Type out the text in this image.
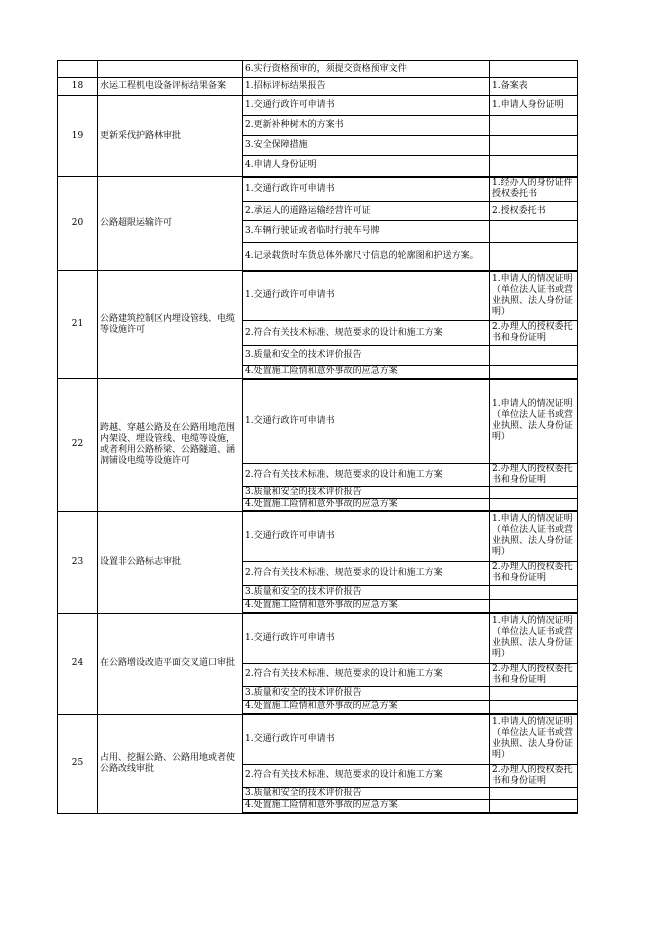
		6.实行资格预审的，须提交资格预审文件	
18	水运工程机电设备评标结果备案	1.招标评标结果报告	1.备案表
19	更新采伐护路林审批	1.交通行政许可申请书	1.申请人身份证明
		2.更新补种树木的方案书	
		3.安全保障措施	
		4.申请人身份证明	
20	公路超限运输许可	1.交通行政许可申请书	1.经办人的身份证件授权委托书
		2.承运人的道路运输经营许可证	2.授权委托书
		3.车辆行驶证或者临时行驶车号牌	
		4.记录载货时车货总体外廓尺寸信息的轮廓图和护送方案。	
21	公路建筑控制区内埋设管线、电缆等设施许可	1.交通行政许可申请书	1.申请人的情况证明（单位法人证书或营业执照、法人身份证明）
		2.符合有关技术标准、规范要求的设计和施工方案	2.办理人的授权委托书和身份证明
		3.质量和安全的技术评价报告	
		4.处置施工险情和意外事故的应急方案	
22	跨越、穿越公路及在公路用地范围内架设、埋设管线、电缆等设施，或者利用公路桥梁、公路隧道、涵洞铺设电缆等设施许可	1.交通行政许可申请书	1.申请人的情况证明（单位法人证书或营业执照、法人身份证明）
		2.符合有关技术标准、规范要求的设计和施工方案	2.办理人的授权委托书和身份证明
		3.质量和安全的技术评价报告	
		4.处置施工险情和意外事故的应急方案	
23	设置非公路标志审批	1.交通行政许可申请书	1.申请人的情况证明（单位法人证书或营业执照、法人身份证明）
		2.符合有关技术标准、规范要求的设计和施工方案	2.办理人的授权委托书和身份证明
		3.质量和安全的技术评价报告	
		4.处置施工险情和意外事故的应急方案	
24	在公路增设改造平面交叉道口审批	1.交通行政许可申请书	1.申请人的情况证明（单位法人证书或营业执照、法人身份证明）
		2.符合有关技术标准、规范要求的设计和施工方案	2.办理人的授权委托书和身份证明
		3.质量和安全的技术评价报告	
		4.处置施工险情和意外事故的应急方案	
25	占用、挖掘公路、公路用地或者使公路改线审批	1.交通行政许可申请书	1.申请人的情况证明（单位法人证书或营业执照、法人身份证明）
		2.符合有关技术标准、规范要求的设计和施工方案	2.办理人的授权委托书和身份证明
		3.质量和安全的技术评价报告	
		4.处置施工险情和意外事故的应急方案	
